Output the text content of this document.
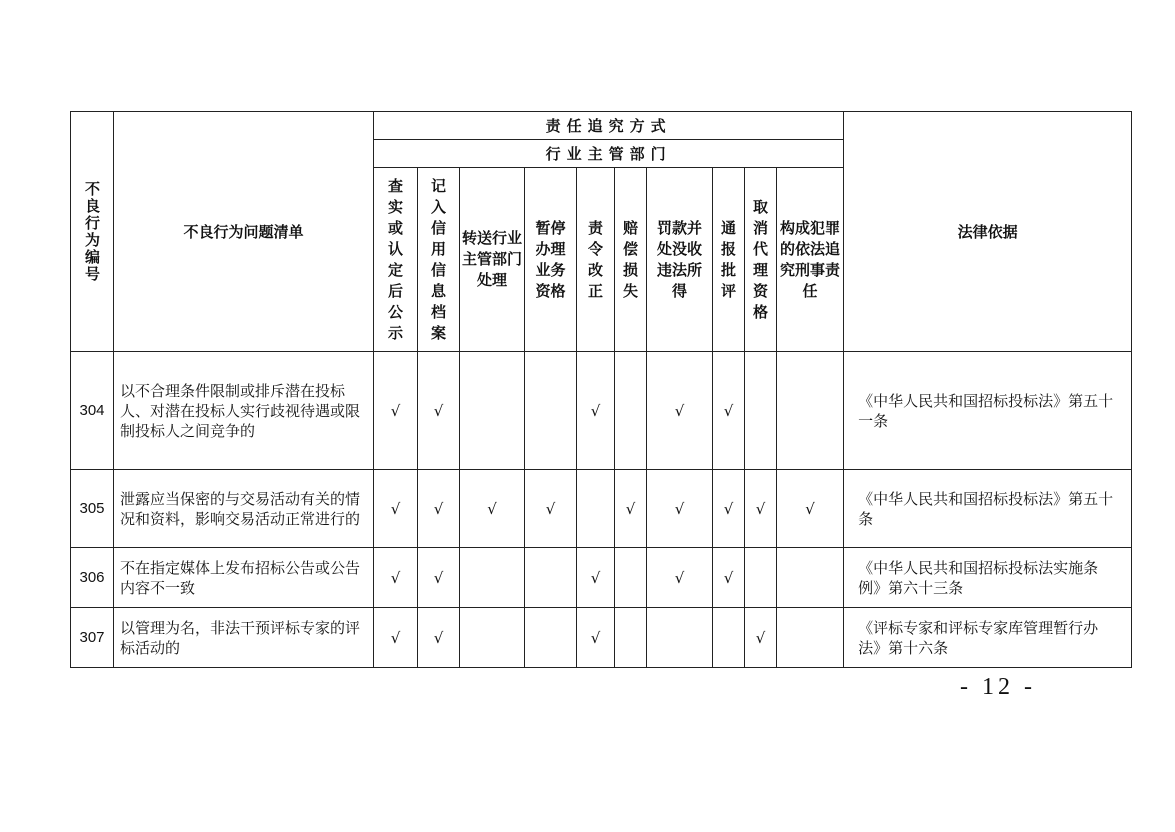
不良行为编号	不良行为问题清单	责任追究方式										法律依据
		行业主管部门										
		查实或认定后公示	记入信用信息档案	转送行业主管部门处理	暂停办理业务资格	责令改正	赔偿损失	罚款并处没收违法所得	通报批评	取消代理资格	构成犯罪的依法追究刑事责任	
304	以不合理条件限制或排斥潜在投标人、对潜在投标人实行歧视待遇或限制投标人之间竞争的	√	√			√		√	√			《中华人民共和国招标投标法》第五十一条
305	泄露应当保密的与交易活动有关的情况和资料，影响交易活动正常进行的	√	√	√	√		√	√	√	√	√	《中华人民共和国招标投标法》第五十条
306	不在指定媒体上发布招标公告或公告内容不一致	√	√			√		√	√			《中华人民共和国招标投标法实施条例》第六十三条
307	以管理为名，非法干预评标专家的评标活动的	√	√			√				√		《评标专家和评标专家库管理暂行办法》第十六条
- 12 -
